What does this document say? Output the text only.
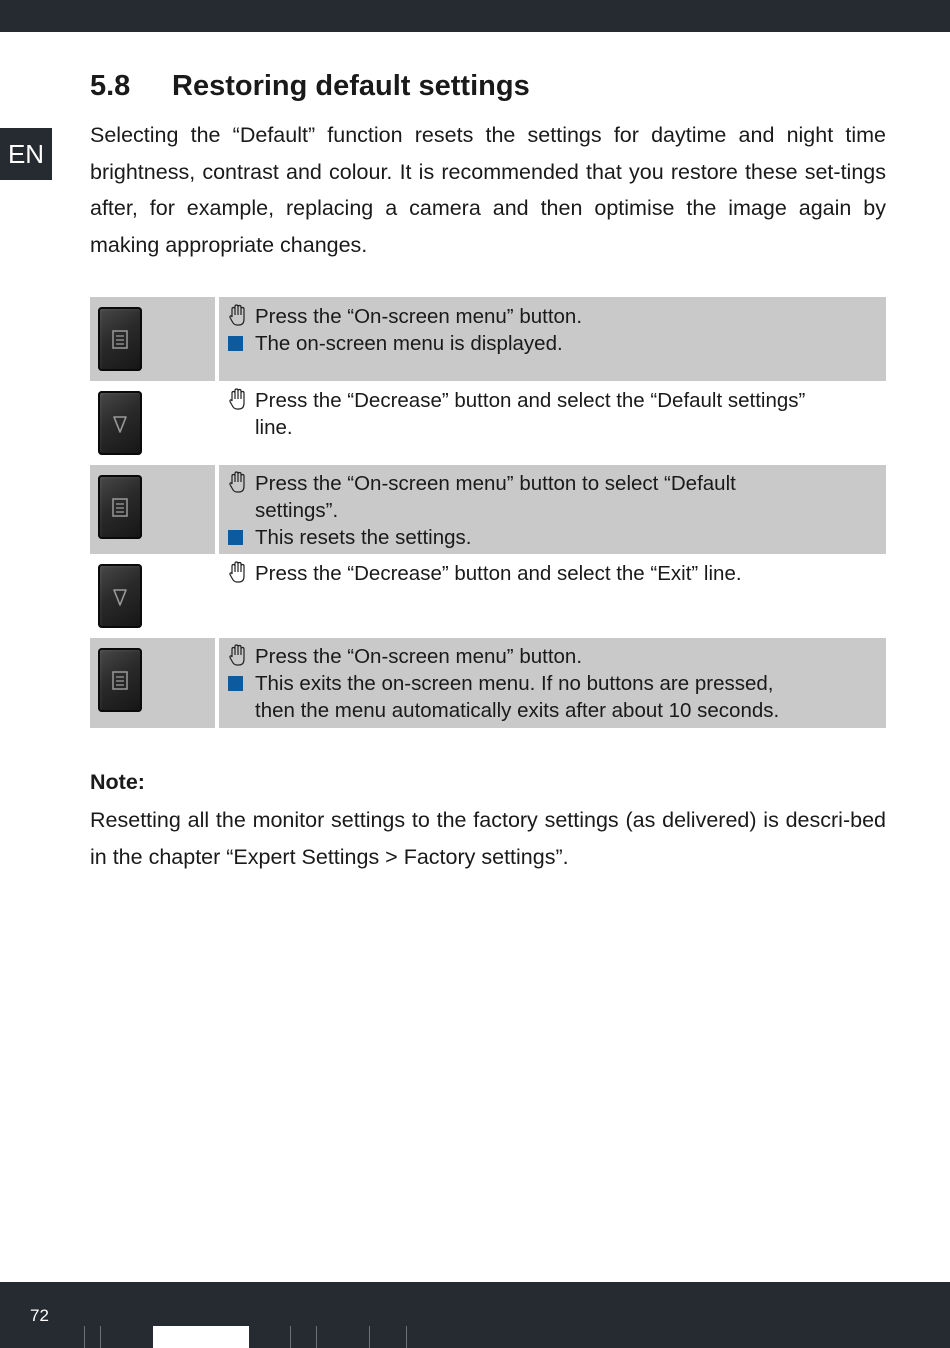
EN
5.8 Restoring default settings

Selecting the “Default” function resets the settings for daytime and night time brightness, contrast and colour. It is recommended that you restore these set-tings after, for example, replacing a camera and then optimise the image again by making appropriate changes.

Press the “On-screen menu” button.
The on-screen menu is displayed.
Press the “Decrease” button and select the “Default settings”
line.
Press the “On-screen menu” button to select “Default
settings”.
This resets the settings.
Press the “Decrease” button and select the “Exit” line.
Press the “On-screen menu” button.
This exits the on-screen menu. If no buttons are pressed,
then the menu automatically exits after about 10 seconds.
Note:

Resetting all the monitor settings to the factory settings (as delivered) is descri-bed in the chapter “Expert Settings > Factory settings”.

72
